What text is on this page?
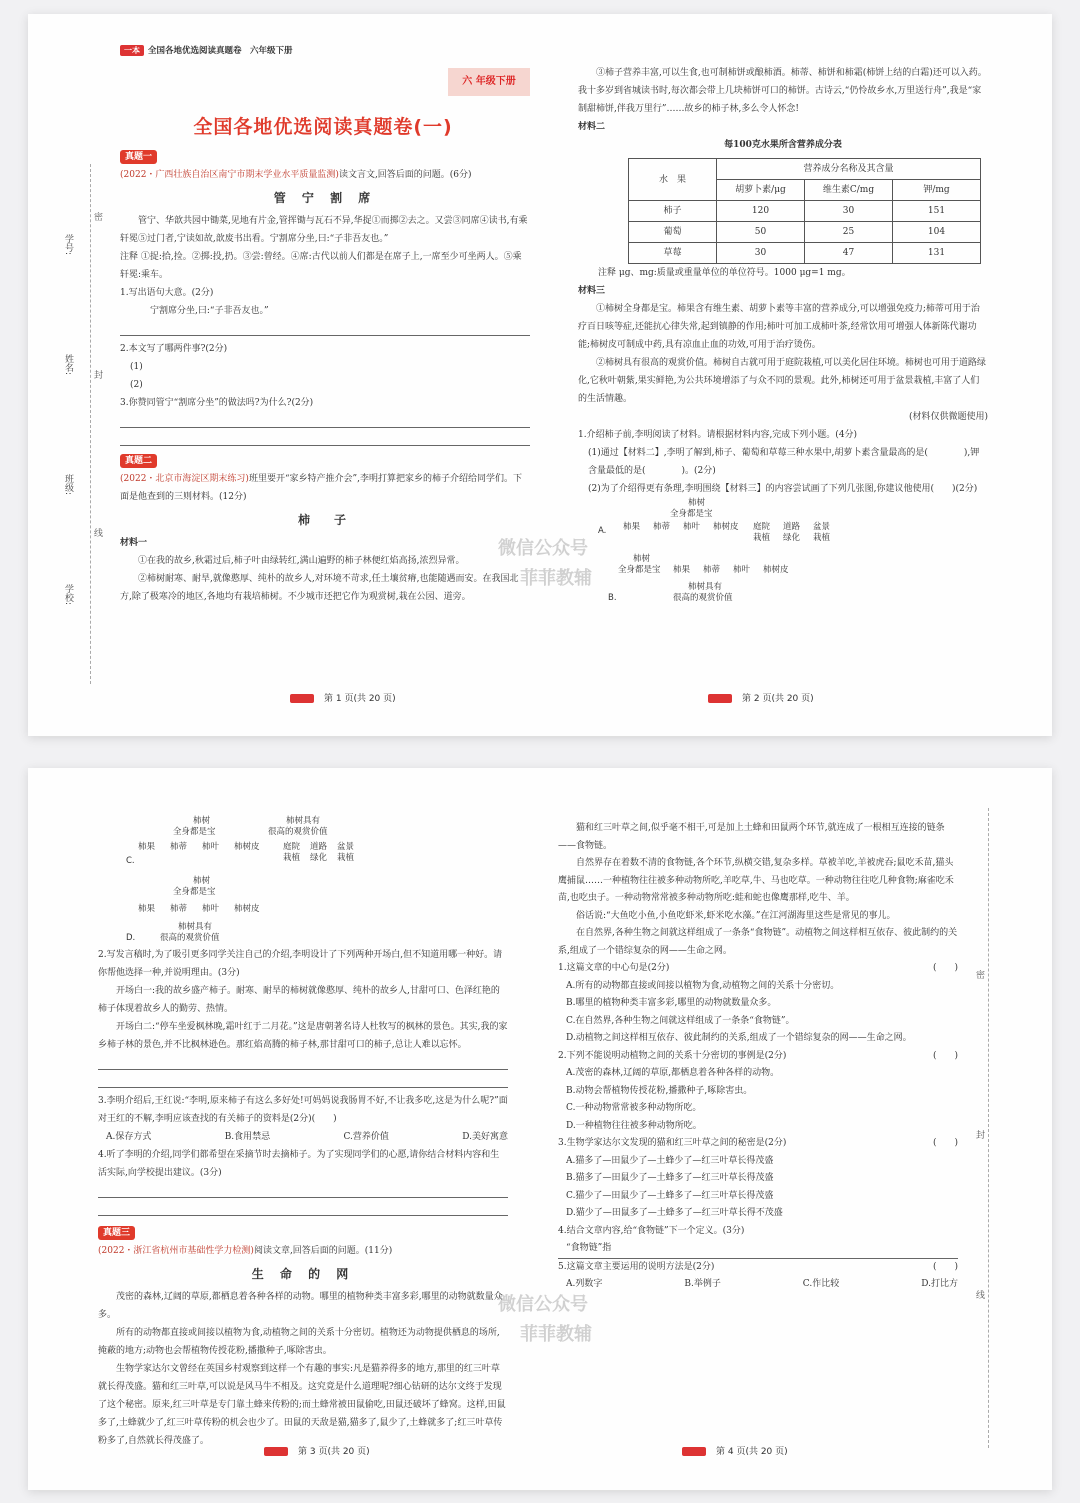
一本 全国各地优选阅读真题卷　六年级下册
六 年级下册
全国各地优选阅读真题卷(一)
学号:
姓名:
班级:
学校:
密
封
线

真题一

(2022・广西壮族自治区南宁市期末学业水平质量监测)读文言文,回答后面的问题。(6分)

管 宁 割 席

管宁、华歆共园中锄菜,见地有片金,管挥锄与瓦石不异,华捉①而掷②去之。又尝③同席④读书,有乘轩冕⑤过门者,宁读如故,歆废书出看。宁割席分坐,曰:“子非吾友也。”

注释 ①捉:拾,捡。②掷:投,扔。③尝:曾经。④席:古代以前人们都是在席子上,一席至少可坐两人。⑤乘轩冕:乘车。

1.写出语句大意。(2分)

宁割席分坐,曰:“子非吾友也。”

2.本文写了哪两件事?(2分)

(1)

(2)

3.你赞同管宁“割席分坐”的做法吗?为什么?(2分)

真题二

(2022・北京市海淀区期末练习)班里要开“家乡特产推介会”,李明打算把家乡的柿子介绍给同学们。下面是他查到的三则材料。(12分)

柿　子

材料一

①在我的故乡,秋霜过后,柿子叶由绿转红,满山遍野的柿子林便红焰高扬,浓烈异常。

②柿树耐寒、耐旱,就像憨厚、纯朴的故乡人,对环境不苛求,任土壤贫瘠,也能随遇而安。在我国北方,除了极寒冷的地区,各地均有栽培柿树。不少城市还把它作为观赏树,栽在公园、道旁。

③柿子营养丰富,可以生食,也可制柿饼或酿柿酒。柿蒂、柿饼和柿霜(柿饼上结的白霜)还可以入药。我十多岁到省城读书时,每次都会带上几块柿饼可口的柿饼。古诗云,“仍怜故乡水,万里送行舟”,我是“家制甜柿饼,伴我万里行”……故乡的柿子林,多么令人怀念!

材料二

每100克水果所含营养成分表

水　果	营养成分名称及其含量		
	胡萝卜素/μg	维生素C/mg	钾/mg
柿子	120	30	151
葡萄	50	25	104
草莓	30	47	131

注释 μg、mg:质量或重量单位的单位符号。1000 μg=1 mg。

材料三

①柿树全身都是宝。柿果含有维生素、胡萝卜素等丰富的营养成分,可以增强免疫力;柿蒂可用于治疗百日咳等症,还能抗心律失常,起到镇静的作用;柿叶可加工成柿叶茶,经常饮用可增强人体新陈代谢功能;柿树皮可制成中药,具有凉血止血的功效,可用于治疗烫伤。

②柿树具有很高的观赏价值。柿树自古就可用于庭院栽植,可以美化居住环境。柿树也可用于道路绿化,它秋叶朝紫,果实鲜艳,为公共环境增添了与众不同的景观。此外,柿树还可用于盆景栽植,丰富了人们的生活情趣。

(材料仅供微题使用)

1.介绍柿子前,李明阅读了材料。请根据材料内容,完成下列小题。(4分)

(1)通过【材料二】,李明了解到,柿子、葡萄和草莓三种水果中,胡萝卜素含量最高的是(　　　　),钾含量最低的是(　　　　)。(2分)

(2)为了介绍得更有条理,李明围绕【材料三】的内容尝试画了下列几张图,你建议他使用(　　)(2分)

柿树
全身都是宝
A. 柿果 柿蒂 柿叶 柿树皮 庭院
栽植
道路
绿化
盆景
栽植
柿树
全身都是宝 柿果 柿蒂 柿叶 柿树皮
柿树具有
很高的观赏价值
B.
微信公众号
菲菲教辅
第 1 页(共 20 页)	第 2 页(共 20 页)
柿树
全身都是宝
柿树具有
很高的观赏价值
柿果 柿蒂 柿叶 柿树皮	庭院
栽植
道路
绿化
盆景
栽植
C.
柿树
全身都是宝
柿果 柿蒂 柿叶 柿树皮
柿树具有
很高的观赏价值
D.

2.写发言稿时,为了吸引更多同学关注自己的介绍,李明设计了下列两种开场白,但不知道用哪一种好。请你帮他选择一种,并说明理由。(3分)

开场白一:我的故乡盛产柿子。耐寒、耐旱的柿树就像憨厚、纯朴的故乡人,甘甜可口、色泽红艳的柿子体现着故乡人的勤劳、热情。

开场白二:“停车坐爱枫林晚,霜叶红于二月花。”这是唐朝著名诗人杜牧写的枫林的景色。其实,我的家乡柿子林的景色,并不比枫林逊色。那红焰高腾的柿子林,那甘甜可口的柿子,总让人难以忘怀。

3.李明介绍后,王红说:“李明,原来柿子有这么多好处!可妈妈说我肠胃不好,不让我多吃,这是为什么呢?”面对王红的不解,李明应该查找的有关柿子的资料是(2分)(　　)

A.保存方式	B.食用禁忌	C.营养价值	D.美好寓意

4.听了李明的介绍,同学们都希望在采摘节时去摘柿子。为了实现同学们的心愿,请你结合材料内容和生活实际,向学校提出建议。(3分)

真题三

(2022・浙江省杭州市基础性学力检测)阅读文章,回答后面的问题。(11分)

生 命 的 网

茂密的森林,辽阔的草原,都栖息着各种各样的动物。哪里的植物种类丰富多彩,哪里的动物就数量众多。

所有的动物都直接或间接以植物为食,动植物之间的关系十分密切。植物还为动物提供栖息的场所,掩蔽的地方;动物也会帮植物传授花粉,播撒种子,啄除害虫。

生物学家达尔文曾经在英国乡村观察到这样一个有趣的事实:凡是猫养得多的地方,那里的红三叶草就长得茂盛。猫和红三叶草,可以说是风马牛不相及。这究竟是什么道理呢?细心钻研的达尔文终于发现了这个秘密。原来,红三叶草是专门靠土蜂来传粉的;而土蜂常被田鼠偷吃,田鼠还破坏了蜂窝。这样,田鼠多了,土蜂就少了,红三叶草传粉的机会也少了。田鼠的天敌是猫,猫多了,鼠少了,土蜂就多了;红三叶草传粉多了,自然就长得茂盛了。

猫和红三叶草之间,似乎毫不相干,可是加上土蜂和田鼠两个环节,就连成了一根相互连接的链条——食物链。

自然界存在着数不清的食物链,各个环节,纵横交错,复杂多样。草被羊吃,羊被虎吞;鼠吃禾苗,猫头鹰捕鼠……一种植物往往被多种动物所吃,羊吃草,牛、马也吃草。一种动物往往吃几种食物;麻雀吃禾苗,也吃虫子。一种动物常常被多种动物所吃:蛙和蛇也像鹰那样,吃牛、羊。

俗话说:“大鱼吃小鱼,小鱼吃虾米,虾米吃水藻。”在江河湖海里这些是常见的事儿。

在自然界,各种生物之间就这样组成了一条条“食物链”。动植物之间这样相互依存、彼此制约的关系,组成了一个错综复杂的网——生命之网。

1.这篇文章的中心句是(2分)	(　　)

A.所有的动物都直接或间接以植物为食,动植物之间的关系十分密切。

B.哪里的植物种类丰富多彩,哪里的动物就数量众多。

C.在自然界,各种生物之间就这样组成了一条条“食物链”。

D.动植物之间这样相互依存、彼此制约的关系,组成了一个错综复杂的网——生命之网。

2.下列不能说明动植物之间的关系十分密切的事例是(2分)	(　　)

A.茂密的森林,辽阔的草原,都栖息着各种各样的动物。

B.动物会帮植物传授花粉,播撒种子,啄除害虫。

C.一种动物常常被多种动物所吃。

D.一种植物往往被多种动物所吃。

3.生物学家达尔文发现的猫和红三叶草之间的秘密是(2分)	(　　)

A.猫多了—田鼠少了—土蜂少了—红三叶草长得茂盛

B.猫多了—田鼠少了—土蜂多了—红三叶草长得茂盛

C.猫少了—田鼠少了—土蜂多了—红三叶草长得茂盛

D.猫少了—田鼠多了—土蜂多了—红三叶草长得不茂盛

4.结合文章内容,给“食物链”下一个定义。(3分)

“食物链”指

5.这篇文章主要运用的说明方法是(2分)	(　　)

A.列数字	B.举例子	C.作比较	D.打比方
密
封
线
微信公众号
菲菲教辅
第 3 页(共 20 页)	第 4 页(共 20 页)
